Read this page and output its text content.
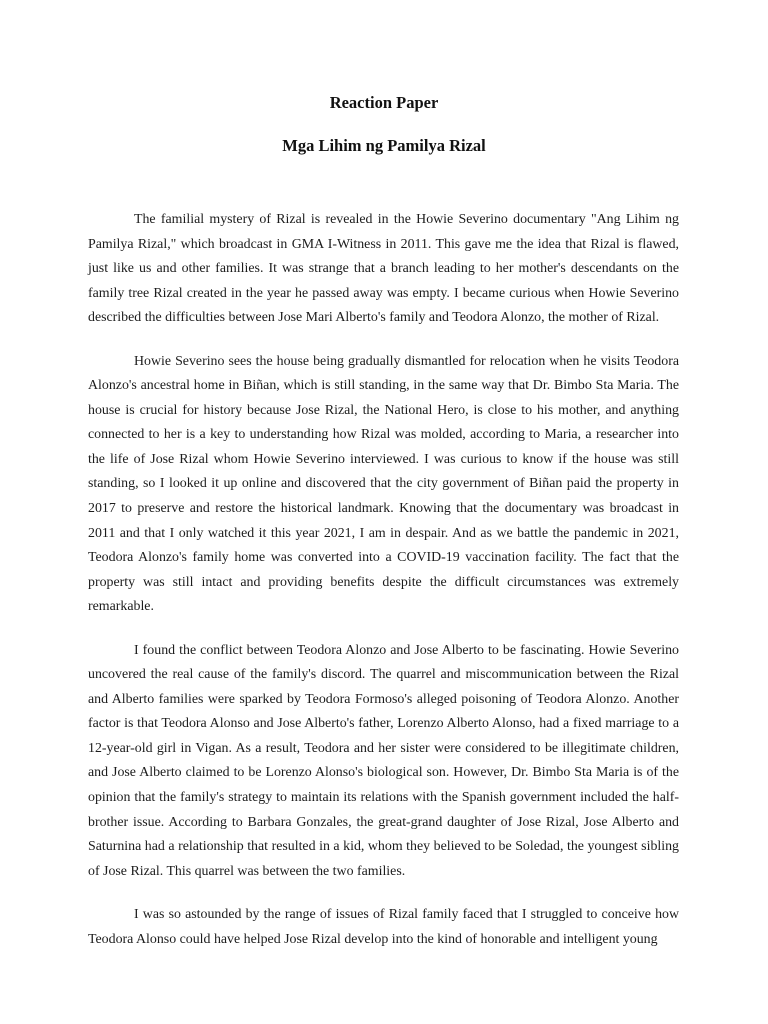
Reaction Paper
Mga Lihim ng Pamilya Rizal

The familial mystery of Rizal is revealed in the Howie Severino documentary "Ang Lihim ng Pamilya Rizal," which broadcast in GMA I-Witness in 2011. This gave me the idea that Rizal is flawed, just like us and other families. It was strange that a branch leading to her mother's descendants on the family tree Rizal created in the year he passed away was empty. I became curious when Howie Severino described the difficulties between Jose Mari Alberto's family and Teodora Alonzo, the mother of Rizal.

Howie Severino sees the house being gradually dismantled for relocation when he visits Teodora Alonzo's ancestral home in Biñan, which is still standing, in the same way that Dr. Bimbo Sta Maria. The house is crucial for history because Jose Rizal, the National Hero, is close to his mother, and anything connected to her is a key to understanding how Rizal was molded, according to Maria, a researcher into the life of Jose Rizal whom Howie Severino interviewed. I was curious to know if the house was still standing, so I looked it up online and discovered that the city government of Biñan paid the property in 2017 to preserve and restore the historical landmark. Knowing that the documentary was broadcast in 2011 and that I only watched it this year 2021, I am in despair. And as we battle the pandemic in 2021, Teodora Alonzo's family home was converted into a COVID-19 vaccination facility. The fact that the property was still intact and providing benefits despite the difficult circumstances was extremely remarkable.

I found the conflict between Teodora Alonzo and Jose Alberto to be fascinating. Howie Severino uncovered the real cause of the family's discord. The quarrel and miscommunication between the Rizal and Alberto families were sparked by Teodora Formoso's alleged poisoning of Teodora Alonzo. Another factor is that Teodora Alonso and Jose Alberto's father, Lorenzo Alberto Alonso, had a fixed marriage to a 12-year-old girl in Vigan. As a result, Teodora and her sister were considered to be illegitimate children, and Jose Alberto claimed to be Lorenzo Alonso's biological son. However, Dr. Bimbo Sta Maria is of the opinion that the family's strategy to maintain its relations with the Spanish government included the half-brother issue. According to Barbara Gonzales, the great-grand daughter of Jose Rizal, Jose Alberto and Saturnina had a relationship that resulted in a kid, whom they believed to be Soledad, the youngest sibling of Jose Rizal. This quarrel was between the two families.

I was so astounded by the range of issues of Rizal family faced that I struggled to conceive how Teodora Alonso could have helped Jose Rizal develop into the kind of honorable and intelligent young
